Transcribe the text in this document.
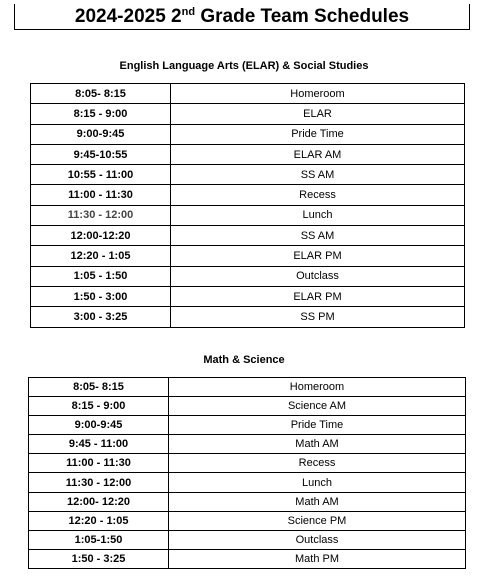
2024-2025 2nd Grade Team Schedules
English Language Arts (ELAR) & Social Studies
8:05- 8:15	Homeroom
8:15 - 9:00	ELAR
9:00-9:45	Pride Time
9:45-10:55	ELAR AM
10:55 - 11:00	SS AM
11:00 - 11:30	Recess
11:30 - 12:00	Lunch
12:00-12:20	SS AM
12:20 - 1:05	ELAR PM
1:05 - 1:50	Outclass
1:50 - 3:00	ELAR PM
3:00 - 3:25	SS PM
Math & Science
8:05- 8:15	Homeroom
8:15 - 9:00	Science AM
9:00-9:45	Pride Time
9:45 - 11:00	Math AM
11:00 - 11:30	Recess
11:30 - 12:00	Lunch
12:00- 12:20	Math AM
12:20 - 1:05	Science PM
1:05-1:50	Outclass
1:50 - 3:25	Math PM
